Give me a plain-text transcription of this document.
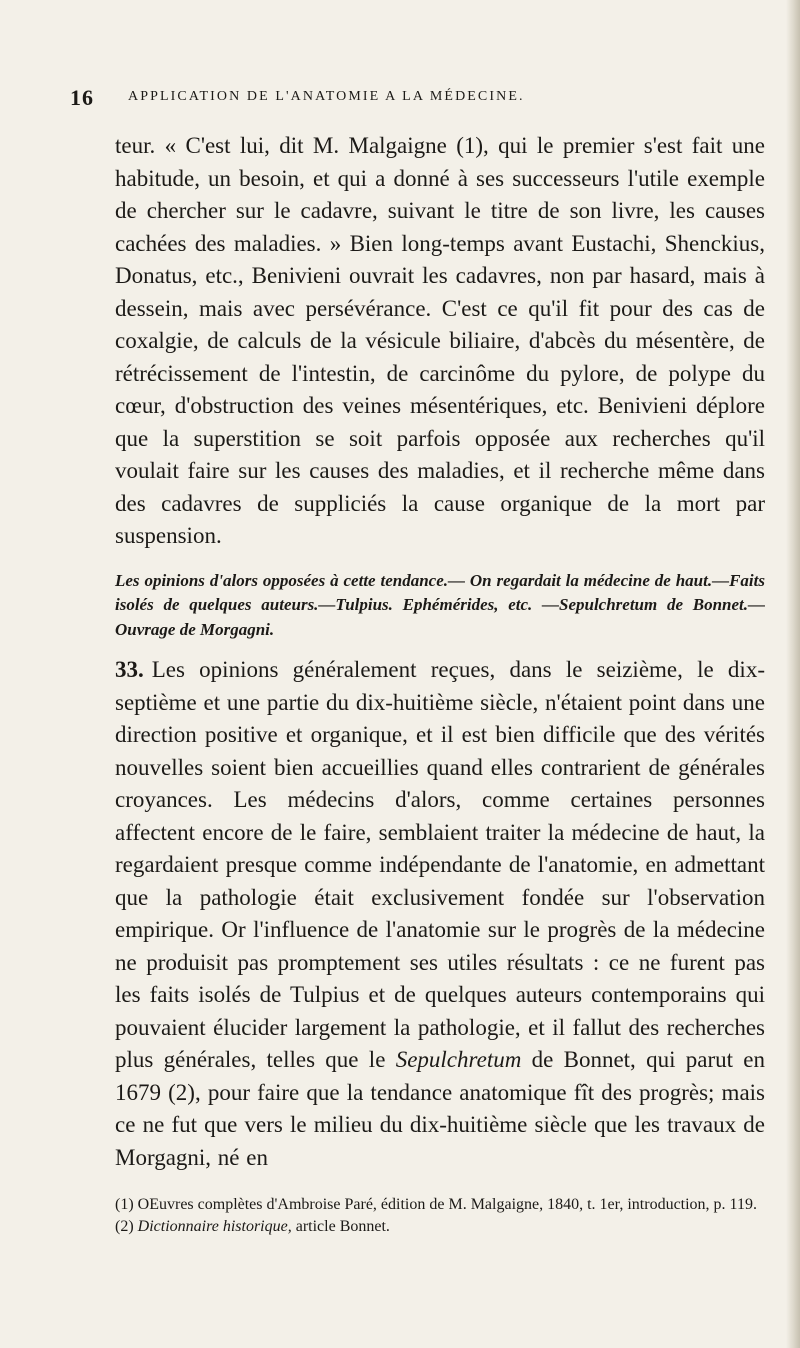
16 APPLICATION DE L'ANATOMIE A LA MÉDECINE.

teur. « C'est lui, dit M. Malgaigne (1), qui le premier s'est fait une habitude, un besoin, et qui a donné à ses successeurs l'utile exemple de chercher sur le cadavre, suivant le titre de son livre, les causes cachées des maladies. » Bien long-temps avant Eustachi, Shenckius, Donatus, etc., Benivieni ouvrait les cadavres, non par hasard, mais à dessein, mais avec persévérance. C'est ce qu'il fit pour des cas de coxalgie, de calculs de la vésicule biliaire, d'abcès du mésentère, de rétrécissement de l'intestin, de carcinôme du pylore, de polype du cœur, d'obstruction des veines mésentériques, etc. Benivieni déplore que la superstition se soit parfois opposée aux recherches qu'il voulait faire sur les causes des maladies, et il recherche même dans des cadavres de suppliciés la cause organique de la mort par suspension.

Les opinions d'alors opposées à cette tendance.— On regardait la médecine de haut.—Faits isolés de quelques auteurs.—Tulpius. Ephémérides, etc. —Sepulchretum de Bonnet.—Ouvrage de Morgagni.

33. Les opinions généralement reçues, dans le seizième, le dix-septième et une partie du dix-huitième siècle, n'étaient point dans une direction positive et organique, et il est bien difficile que des vérités nouvelles soient bien accueillies quand elles contrarient de générales croyances. Les médecins d'alors, comme certaines personnes affectent encore de le faire, semblaient traiter la médecine de haut, la regardaient presque comme indépendante de l'anatomie, en admettant que la pathologie était exclusivement fondée sur l'observation empirique. Or l'influence de l'anatomie sur le progrès de la médecine ne produisit pas promptement ses utiles résultats : ce ne furent pas les faits isolés de Tulpius et de quelques auteurs contemporains qui pouvaient élucider largement la pathologie, et il fallut des recherches plus générales, telles que le Sepulchretum de Bonnet, qui parut en 1679 (2), pour faire que la tendance anatomique fît des progrès; mais ce ne fut que vers le milieu du dix-huitième siècle que les travaux de Morgagni, né en

(1) OEuvres complètes d'Ambroise Paré, édition de M. Malgaigne, 1840, t. 1er, introduction, p. 119.

(2) Dictionnaire historique, article Bonnet.
